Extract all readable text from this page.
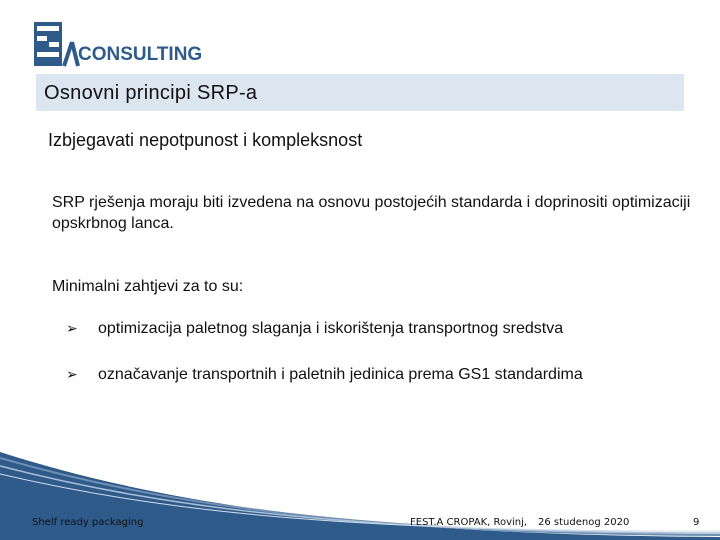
CONSULTING
Osnovni principi SRP-a
Izbjegavati nepotpunost i kompleksnost
SRP rješenja moraju biti izvedena na osnovu postojećih standarda i doprinositi optimizaciji opskrbnog lanca.
Minimalni zahtjevi za to su:
➢	optimizacija paletnog slaganja i iskorištenja transportnog sredstva
➢	označavanje transportnih i paletnih jedinica prema GS1 standardima
Shelf ready packaging	FEST.A CROPAK, Rovinj, 26 studenog 2020	9
